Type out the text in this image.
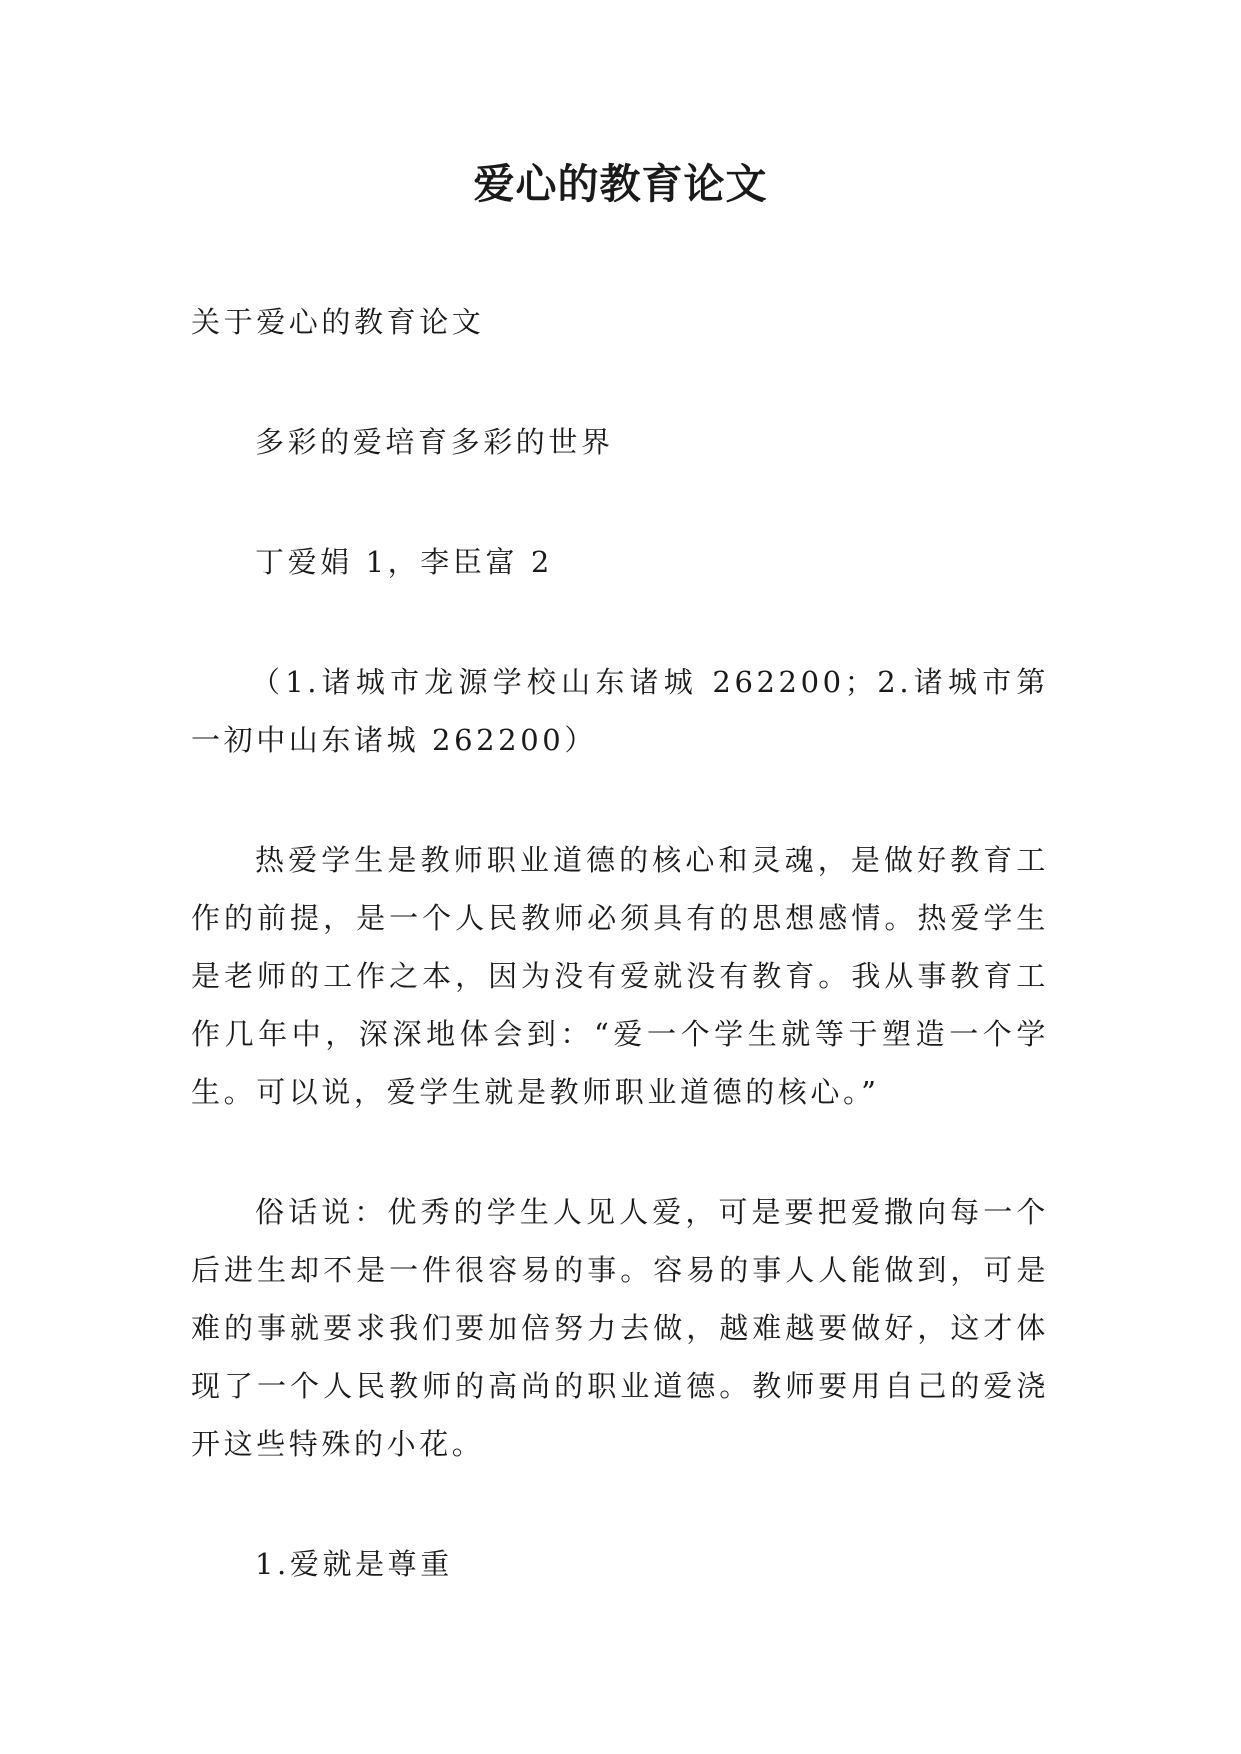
爱心的教育论文

关于爱心的教育论文

多彩的爱培育多彩的世界

丁爱娟 1，李臣富 2

（1.诸城市龙源学校山东诸城 262200；2.诸城市第一初中山东诸城 262200）

热爱学生是教师职业道德的核心和灵魂，是做好教育工作的前提，是一个人民教师必须具有的思想感情。热爱学生是老师的工作之本，因为没有爱就没有教育。我从事教育工作几年中，深深地体会到：“爱一个学生就等于塑造一个学生。可以说，爱学生就是教师职业道德的核心。”

俗话说：优秀的学生人见人爱，可是要把爱撒向每一个后进生却不是一件很容易的事。容易的事人人能做到，可是难的事就要求我们要加倍努力去做，越难越要做好，这才体现了一个人民教师的高尚的职业道德。教师要用自己的爱浇开这些特殊的小花。

1.爱就是尊重
